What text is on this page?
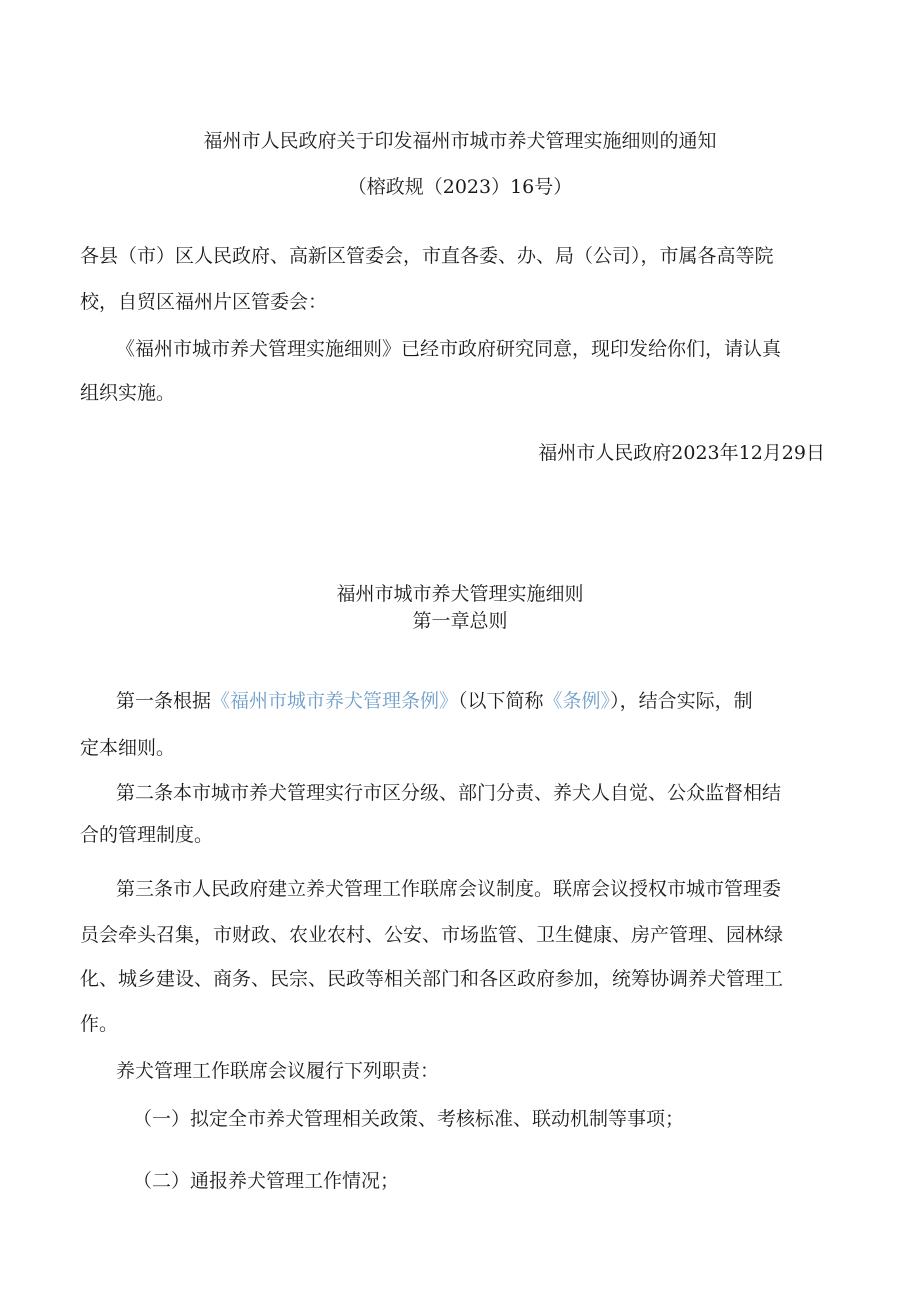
福州市人民政府关于印发福州市城市养犬管理实施细则的通知
（榕政规（2023）16号）
各县（市）区人民政府、高新区管委会，市直各委、办、局（公司），市属各高等院
校，自贸区福州片区管委会：
《福州市城市养犬管理实施细则》已经市政府研究同意，现印发给你们，请认真
组织实施。
福州市人民政府2023年12月29日
福州市城市养犬管理实施细则
第一章总则
第一条根据《福州市城市养犬管理条例》（以下简称《条例》），结合实际，制
定本细则。
第二条本市城市养犬管理实行市区分级、部门分责、养犬人自觉、公众监督相结
合的管理制度。
第三条市人民政府建立养犬管理工作联席会议制度。联席会议授权市城市管理委
员会牵头召集，市财政、农业农村、公安、市场监管、卫生健康、房产管理、园林绿
化、城乡建设、商务、民宗、民政等相关部门和各区政府参加，统筹协调养犬管理工
作。
养犬管理工作联席会议履行下列职责：
（一）拟定全市养犬管理相关政策、考核标准、联动机制等事项；
（二）通报养犬管理工作情况；
